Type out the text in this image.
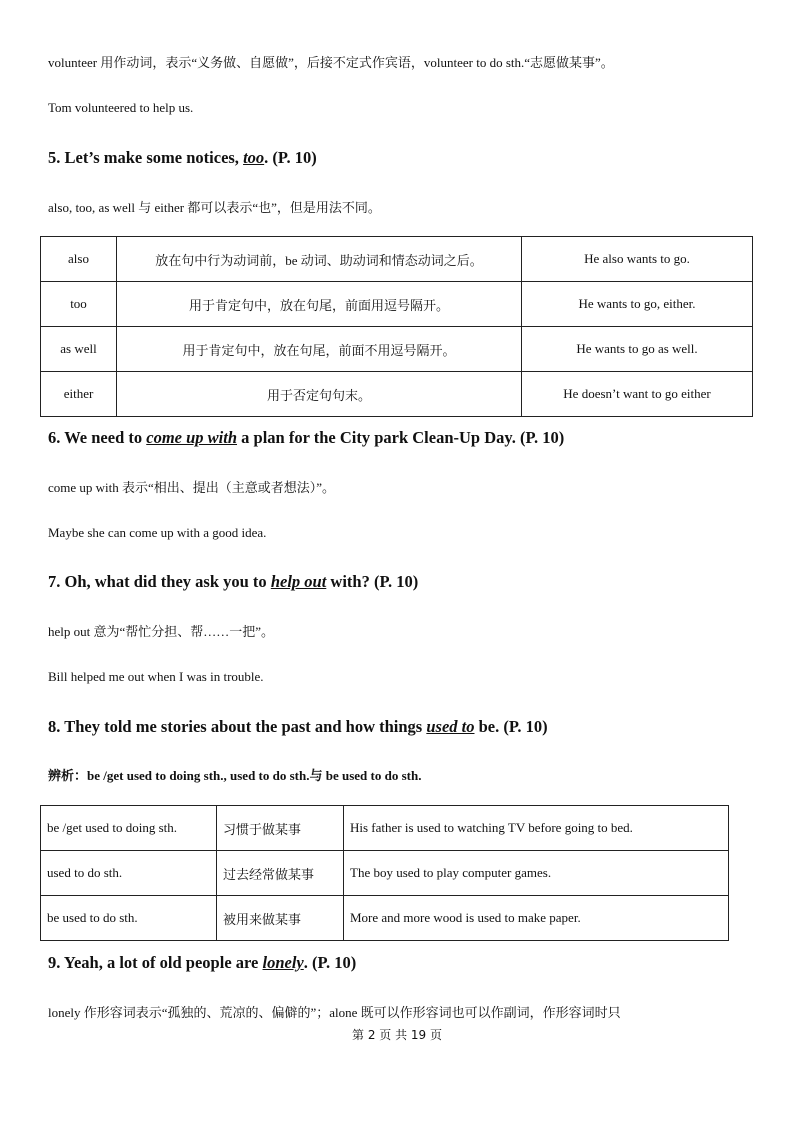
volunteer 用作动词，表示“义务做、自愿做”，后接不定式作宾语，volunteer to do sth.“志愿做某事”。

Tom volunteered to help us.

5. Let’s make some notices, too. (P. 10)

also, too, as well 与 either 都可以表示“也”，但是用法不同。

also	放在句中行为动词前，be 动词、助动词和情态动词之后。	He also wants to go.
too	用于肯定句中，放在句尾，前面用逗号隔开。	He wants to go, either.
as well	用于肯定句中，放在句尾，前面不用逗号隔开。	He wants to go as well.
either	用于否定句句末。	He doesn’t want to go either

6. We need to come up with a plan for the City park Clean-Up Day. (P. 10)

come up with 表示“相出、提出（主意或者想法）”。

Maybe she can come up with a good idea.

7. Oh, what did they ask you to help out with? (P. 10)

help out 意为“帮忙分担、帮……一把”。

Bill helped me out when I was in trouble.

8. They told me stories about the past and how things used to be. (P. 10)

辨析：be /get used to doing sth., used to do sth.与 be used to do sth.

be /get used to doing sth.	习惯于做某事	His father is used to watching TV before going to bed.
used to do sth.	过去经常做某事	The boy used to play computer games.
be used to do sth.	被用来做某事	More and more wood is used to make paper.

9. Yeah, a lot of old people are lonely. (P. 10)

lonely 作形容词表示“孤独的、荒凉的、偏僻的”；alone 既可以作形容词也可以作副词，作形容词时只

第 2 页 共 19 页
